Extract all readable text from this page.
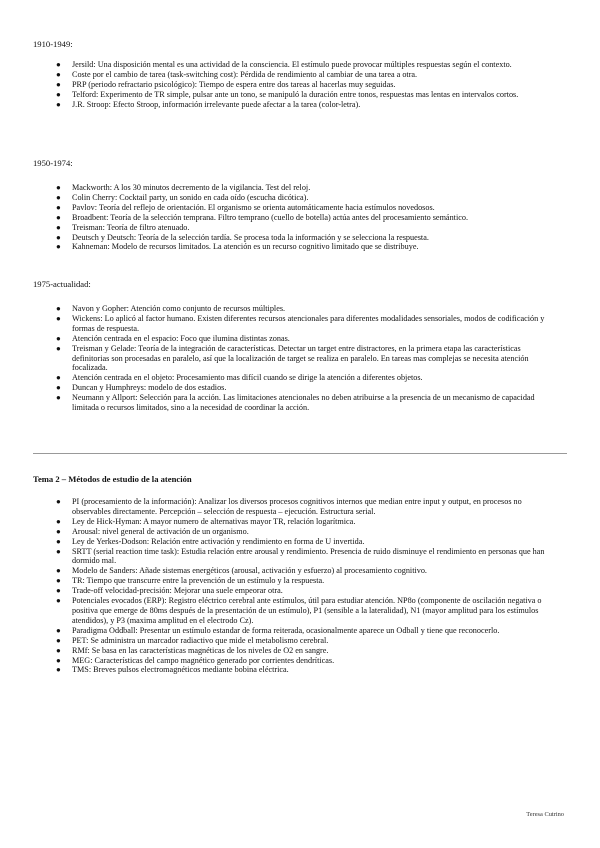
1910-1949:
● Jersild: Una disposición mental es una actividad de la consciencia. El estímulo puede provocar múltiples respuestas según el contexto.
● Coste por el cambio de tarea (task-switching cost): Pérdida de rendimiento al cambiar de una tarea a otra.
● PRP (periodo refractario psicológico): Tiempo de espera entre dos tareas al hacerlas muy seguidas.
● Telford: Experimento de TR simple, pulsar ante un tono, se manipuló la duración entre tonos, respuestas mas lentas en intervalos cortos.
● J.R. Stroop: Efecto Stroop, información irrelevante puede afectar a la tarea (color-letra).
1950-1974:
● Mackworth: A los 30 minutos decremento de la vigilancia. Test del reloj.
● Colin Cherry: Cocktail party, un sonido en cada oído (escucha dicótica).
● Pavlov: Teoría del reflejo de orientación. El organismo se orienta automáticamente hacia estímulos novedosos.
● Broadbent: Teoría de la selección temprana. Filtro temprano (cuello de botella) actúa antes del procesamiento semántico.
● Treisman: Teoría de filtro atenuado.
● Deutsch y Deutsch: Teoría de la selección tardía. Se procesa toda la información y se selecciona la respuesta.
● Kahneman: Modelo de recursos limitados. La atención es un recurso cognitivo limitado que se distribuye.
1975-actualidad:
● Navon y Gopher: Atención como conjunto de recursos múltiples.
● Wickens: Lo aplicó al factor humano. Existen diferentes recursos atencionales para diferentes modalidades sensoriales, modos de codificación y formas de respuesta.
● Atención centrada en el espacio: Foco que ilumina distintas zonas.
● Treisman y Gelade: Teoría de la integración de características. Detectar un target entre distractores, en la primera etapa las características definitorias son procesadas en paralelo, así que la localización de target se realiza en paralelo. En tareas mas complejas se necesita atención focalizada.
● Atención centrada en el objeto: Procesamiento mas difícil cuando se dirige la atención a diferentes objetos.
● Duncan y Humphreys: modelo de dos estadios.
● Neumann y Allport: Selección para la acción. Las limitaciones atencionales no deben atribuirse a la presencia de un mecanismo de capacidad limitada o recursos limitados, sino a la necesidad de coordinar la acción.
Tema 2 – Métodos de estudio de la atención
● PI (procesamiento de la información): Analizar los diversos procesos cognitivos internos que median entre input y output, en procesos no observables directamente. Percepción – selección de respuesta – ejecución. Estructura serial.
● Ley de Hick-Hyman: A mayor numero de alternativas mayor TR, relación logarítmica.
● Arousal: nivel general de activación de un organismo.
● Ley de Yerkes-Dodson: Relación entre activación y rendimiento en forma de U invertida.
● SRTT (serial reaction time task): Estudia relación entre arousal y rendimiento. Presencia de ruido disminuye el rendimiento en personas que han dormido mal.
● Modelo de Sanders: Añade sistemas energéticos (arousal, activación y esfuerzo) al procesamiento cognitivo.
● TR: Tiempo que transcurre entre la prevención de un estímulo y la respuesta.
● Trade-off velocidad-precisión: Mejorar una suele empeorar otra.
● Potenciales evocados (ERP): Registro eléctrico cerebral ante estímulos, útil para estudiar atención. NP8o (componente de oscilación negativa o positiva que emerge de 80ms después de la presentación de un estímulo), P1 (sensible a la lateralidad), N1 (mayor amplitud para los estímulos atendidos), y P3 (maxima amplitud en el electrodo Cz).
● Paradigma Oddball: Presentar un estímulo estandar de forma reiterada, ocasionalmente aparece un Odball y tiene que reconocerlo.
● PET: Se administra un marcador radiactivo que mide el metabolismo cerebral.
● RMf: Se basa en las características magnéticas de los niveles de O2 en sangre.
● MEG: Características del campo magnético generado por corrientes dendríticas.
● TMS: Breves pulsos electromagnéticos mediante bobina eléctrica.
Teresa Cutrino
